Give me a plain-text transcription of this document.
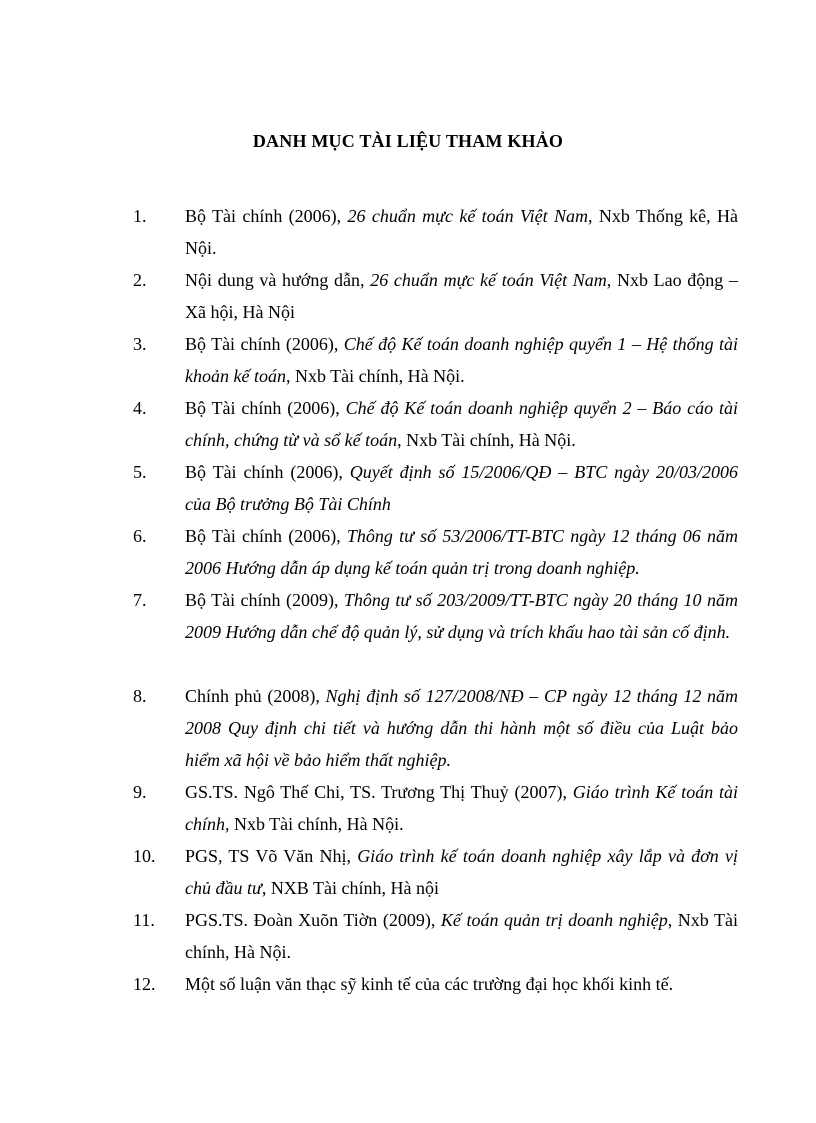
DANH MỤC TÀI LIỆU THAM KHẢO
1.	Bộ Tài chính (2006), 26 chuẩn mực kế toán Việt Nam, Nxb Thống kê, Hà Nội.
2.	Nội dung và hướng dẫn, 26 chuẩn mực kế toán Việt Nam, Nxb Lao động – Xã hội, Hà Nội
3.	Bộ Tài chính (2006), Chế độ Kế toán doanh nghiệp quyển 1 – Hệ thống tài khoản kế toán, Nxb Tài chính, Hà Nội.
4.	Bộ Tài chính (2006), Chế độ Kế toán doanh nghiệp quyển 2 – Báo cáo tài chính, chứng từ và sổ kế toán, Nxb Tài chính, Hà Nội.
5.	Bộ Tài chính (2006), Quyết định số 15/2006/QĐ – BTC ngày 20/03/2006 của Bộ trưởng Bộ Tài Chính
6.	Bộ Tài chính (2006), Thông tư số 53/2006/TT-BTC ngày 12 tháng 06 năm 2006 Hướng dẫn áp dụng kế toán quản trị trong doanh nghiệp.
7.	Bộ Tài chính (2009), Thông tư số 203/2009/TT-BTC ngày 20 tháng 10 năm 2009 Hướng dẫn chế độ quản lý, sử dụng và trích khấu hao tài sản cố định.
8.	Chính phủ (2008), Nghị định số 127/2008/NĐ – CP ngày 12 tháng 12 năm 2008 Quy định chi tiết và hướng dẫn thi hành một số điều của Luật bảo hiểm xã hội về bảo hiểm thất nghiệp.
9.	GS.TS. Ngô Thế Chi, TS. Trương Thị Thuỷ (2007), Giáo trình Kế toán tài chính, Nxb Tài chính, Hà Nội.
10.	PGS, TS Võ Văn Nhị, Giáo trình kế toán doanh nghiệp xây lắp và đơn vị chủ đầu tư, NXB Tài chính, Hà nội
11.	PGS.TS. Đoàn Xuõn Tiờn (2009), Kế toán quản trị doanh nghiệp, Nxb Tài chính, Hà Nội.
12.	Một số luận văn thạc sỹ kinh tế của các trường đại học khối kinh tế.
